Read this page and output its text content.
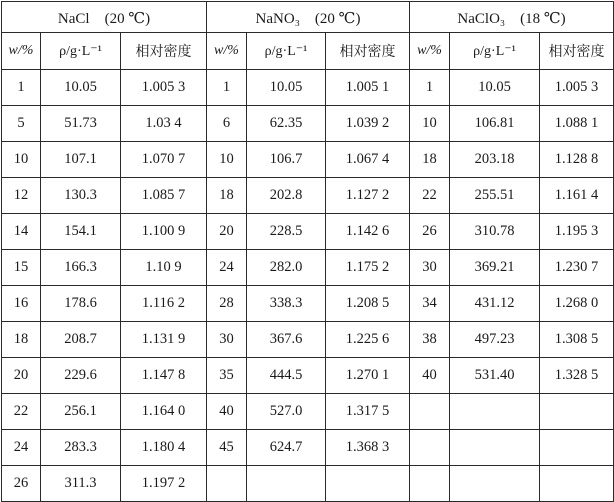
NaCl　(20 ℃)			NaNO₃　(20 ℃)			NaClO₃　(18 ℃)		
w/%	ρ/g·L⁻¹	相对密度	w/%	ρ/g·L⁻¹	相对密度	w/%	ρ/g·L⁻¹	相对密度
1	10.05	1.005 3	1	10.05	1.005 1	1	10.05	1.005 3
5	51.73	1.03 4	6	62.35	1.039 2	10	106.81	1.088 1
10	107.1	1.070 7	10	106.7	1.067 4	18	203.18	1.128 8
12	130.3	1.085 7	18	202.8	1.127 2	22	255.51	1.161 4
14	154.1	1.100 9	20	228.5	1.142 6	26	310.78	1.195 3
15	166.3	1.10 9	24	282.0	1.175 2	30	369.21	1.230 7
16	178.6	1.116 2	28	338.3	1.208 5	34	431.12	1.268 0
18	208.7	1.131 9	30	367.6	1.225 6	38	497.23	1.308 5
20	229.6	1.147 8	35	444.5	1.270 1	40	531.40	1.328 5
22	256.1	1.164 0	40	527.0	1.317 5			
24	283.3	1.180 4	45	624.7	1.368 3			
26	311.3	1.197 2						
